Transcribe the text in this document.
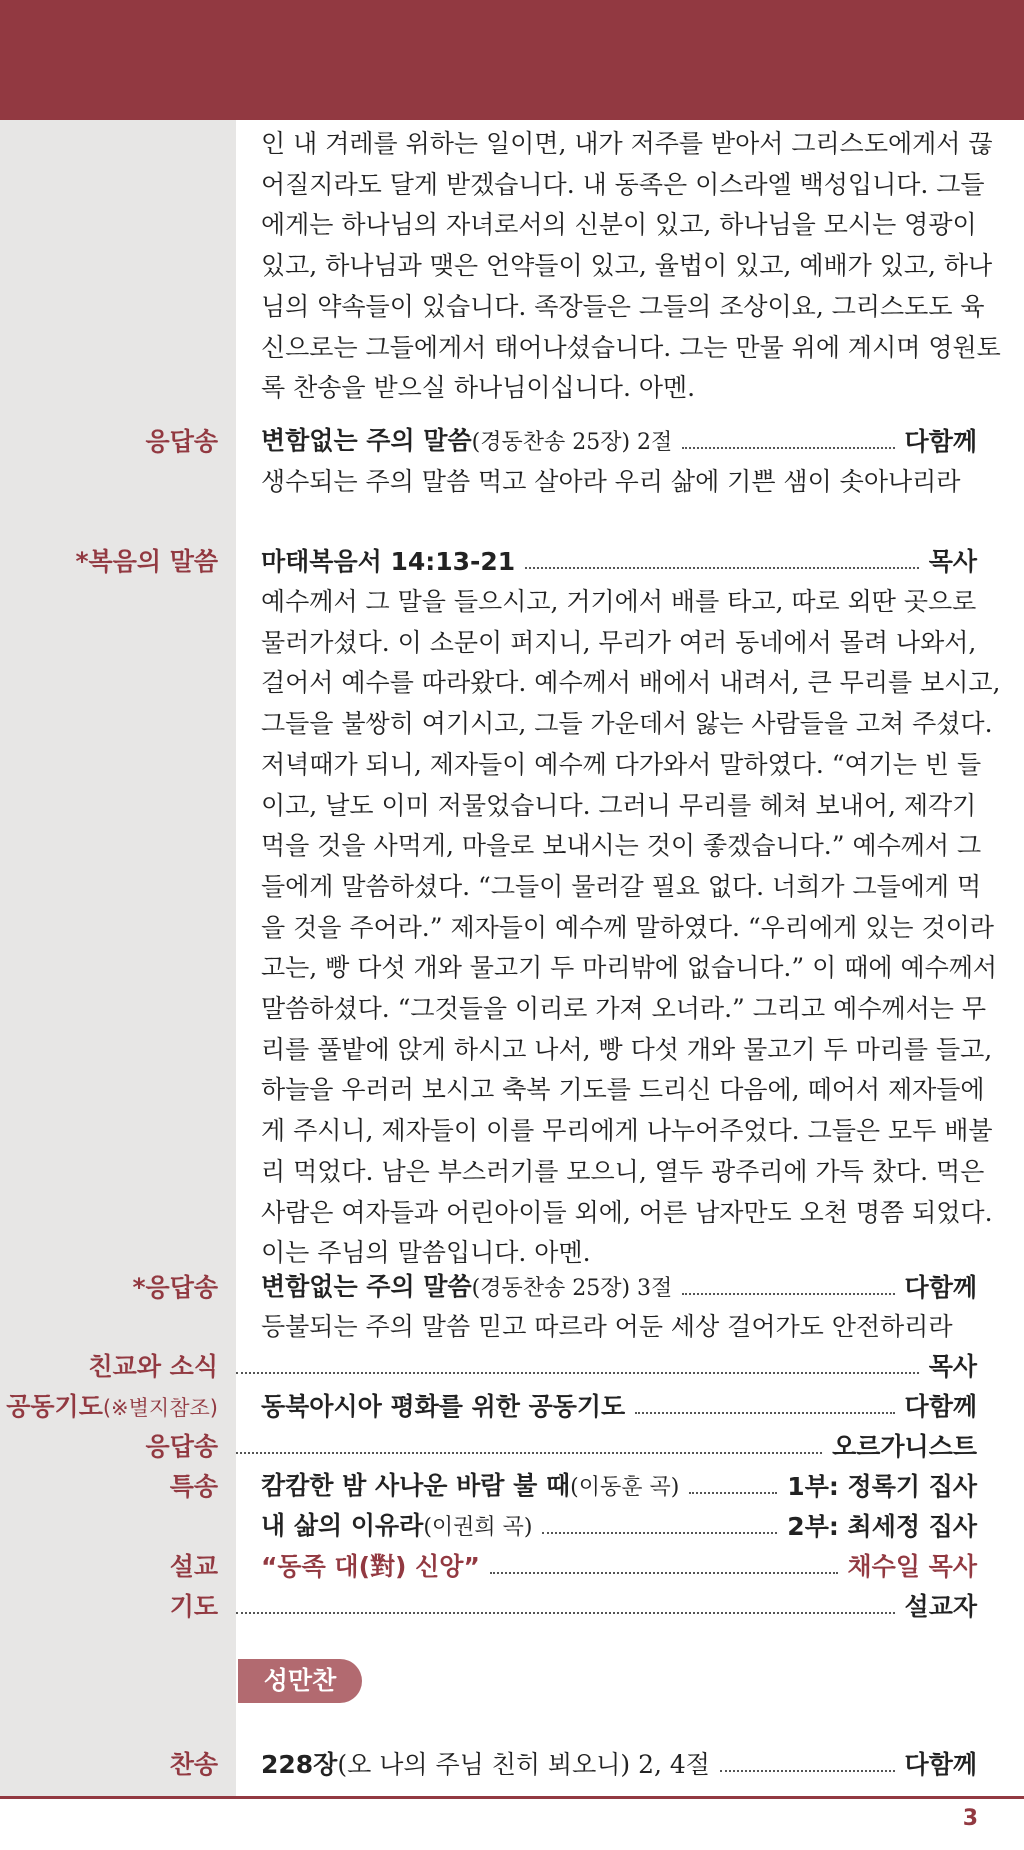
인 내 겨레를 위하는 일이면, 내가 저주를 받아서 그리스도에게서 끊
어질지라도 달게 받겠습니다. 내 동족은 이스라엘 백성입니다. 그들
에게는 하나님의 자녀로서의 신분이 있고, 하나님을 모시는 영광이
있고, 하나님과 맺은 언약들이 있고, 율법이 있고, 예배가 있고, 하나
님의 약속들이 있습니다. 족장들은 그들의 조상이요, 그리스도도 육
신으로는 그들에게서 태어나셨습니다. 그는 만물 위에 계시며 영원토
록 찬송을 받으실 하나님이십니다. 아멘.
응답송 변함없는 주의 말씀(경동찬송 25장) 2절	다함께
생수되는 주의 말씀 먹고 살아라 우리 삶에 기쁜 샘이 솟아나리라
*복음의 말씀 마태복음서 14:13-21	목사
예수께서 그 말을 들으시고, 거기에서 배를 타고, 따로 외딴 곳으로
물러가셨다. 이 소문이 퍼지니, 무리가 여러 동네에서 몰려 나와서,
걸어서 예수를 따라왔다. 예수께서 배에서 내려서, 큰 무리를 보시고,
그들을 불쌍히 여기시고, 그들 가운데서 앓는 사람들을 고쳐 주셨다.
저녁때가 되니, 제자들이 예수께 다가와서 말하였다. “여기는 빈 들
이고, 날도 이미 저물었습니다. 그러니 무리를 헤쳐 보내어, 제각기
먹을 것을 사먹게, 마을로 보내시는 것이 좋겠습니다.” 예수께서 그
들에게 말씀하셨다. “그들이 물러갈 필요 없다. 너희가 그들에게 먹
을 것을 주어라.” 제자들이 예수께 말하였다. “우리에게 있는 것이라
고는, 빵 다섯 개와 물고기 두 마리밖에 없습니다.” 이 때에 예수께서
말씀하셨다. “그것들을 이리로 가져 오너라.” 그리고 예수께서는 무
리를 풀밭에 앉게 하시고 나서, 빵 다섯 개와 물고기 두 마리를 들고,
하늘을 우러러 보시고 축복 기도를 드리신 다음에, 떼어서 제자들에
게 주시니, 제자들이 이를 무리에게 나누어주었다. 그들은 모두 배불
리 먹었다. 남은 부스러기를 모으니, 열두 광주리에 가득 찼다. 먹은
사람은 여자들과 어린아이들 외에, 어른 남자만도 오천 명쯤 되었다.
이는 주님의 말씀입니다. 아멘.
*응답송 변함없는 주의 말씀(경동찬송 25장) 3절	다함께
등불되는 주의 말씀 믿고 따르라 어둔 세상 걸어가도 안전하리라
친교와 소식	목사
공동기도(※별지참조) 동북아시아 평화를 위한 공동기도	다함께
응답송	오르가니스트
특송 캄캄한 밤 사나운 바람 불 때(이동훈 곡)	1부: 정록기 집사
내 삶의 이유라(이권희 곡)	2부: 최세정 집사
설교 “동족 대(對) 신앙”	채수일 목사
기도	설교자
성만찬
찬송 228장(오 나의 주님 친히 뵈오니) 2, 4절	다함께
3
